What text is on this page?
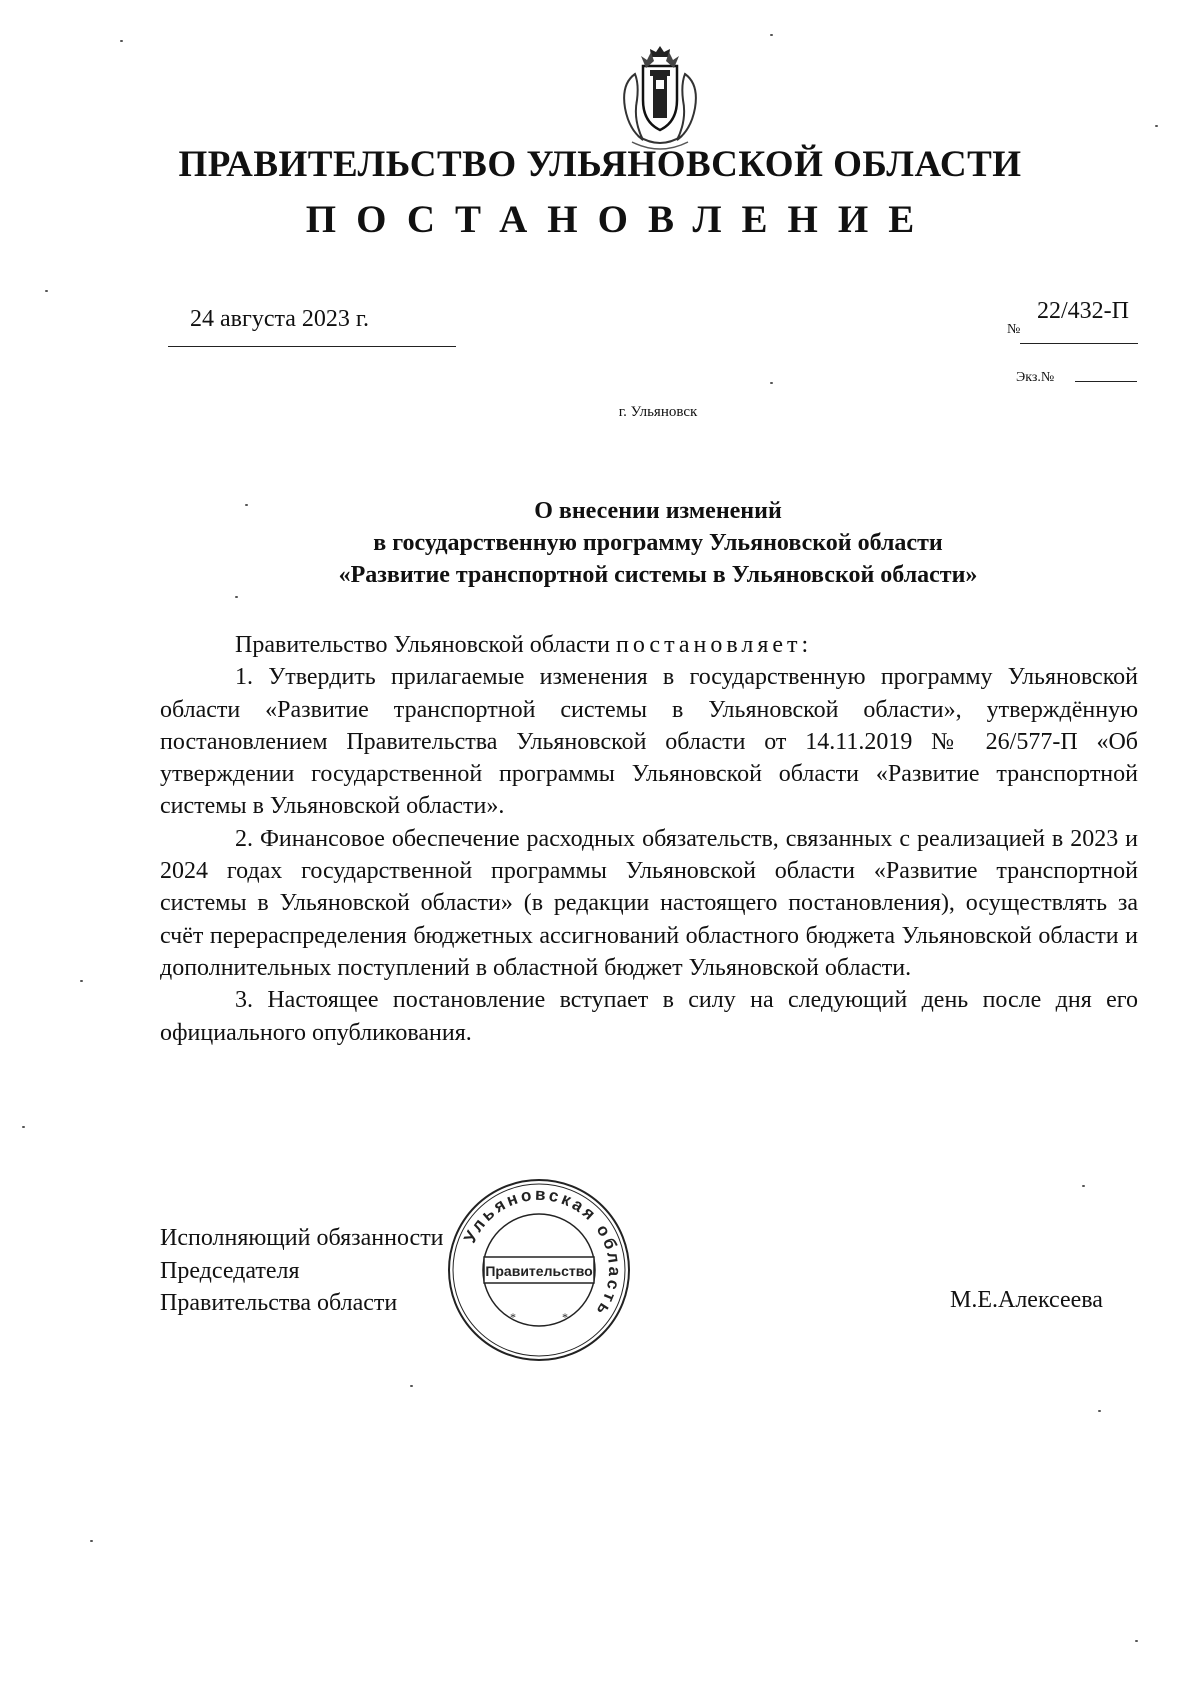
ПРАВИТЕЛЬСТВО УЛЬЯНОВСКОЙ ОБЛАСТИ
ПОСТАНОВЛЕНИЕ
24 августа 2023 г.	№
22/432-П
Экз.№
г. Ульяновск
О внесении изменений
в государственную программу Ульяновской области
«Развитие транспортной системы в Ульяновской области»

Правительство Ульяновской области постановляет:

1. Утвердить прилагаемые изменения в государственную программу Ульяновской области «Развитие транспортной системы в Ульяновской области», утверждённую постановлением Правительства Ульяновской области от 14.11.2019 № 26/577-П «Об утверждении государственной программы Ульяновской области «Развитие транспортной системы в Ульяновской области».

2. Финансовое обеспечение расходных обязательств, связанных с реализацией в 2023 и 2024 годах государственной программы Ульяновской области «Развитие транспортной системы в Ульяновской области» (в редакции настоящего постановления), осуществлять за счёт перераспределения бюджетных ассигнований областного бюджета Ульяновской области и дополнительных поступлений в областной бюджет Ульяновской области.

3. Настоящее постановление вступает в силу на следующий день после дня его официального опубликования.

Исполняющий обязанности
Председателя
Правительства области	М.Е.Алексеева
Ульяновская область
Правительство
*	*
